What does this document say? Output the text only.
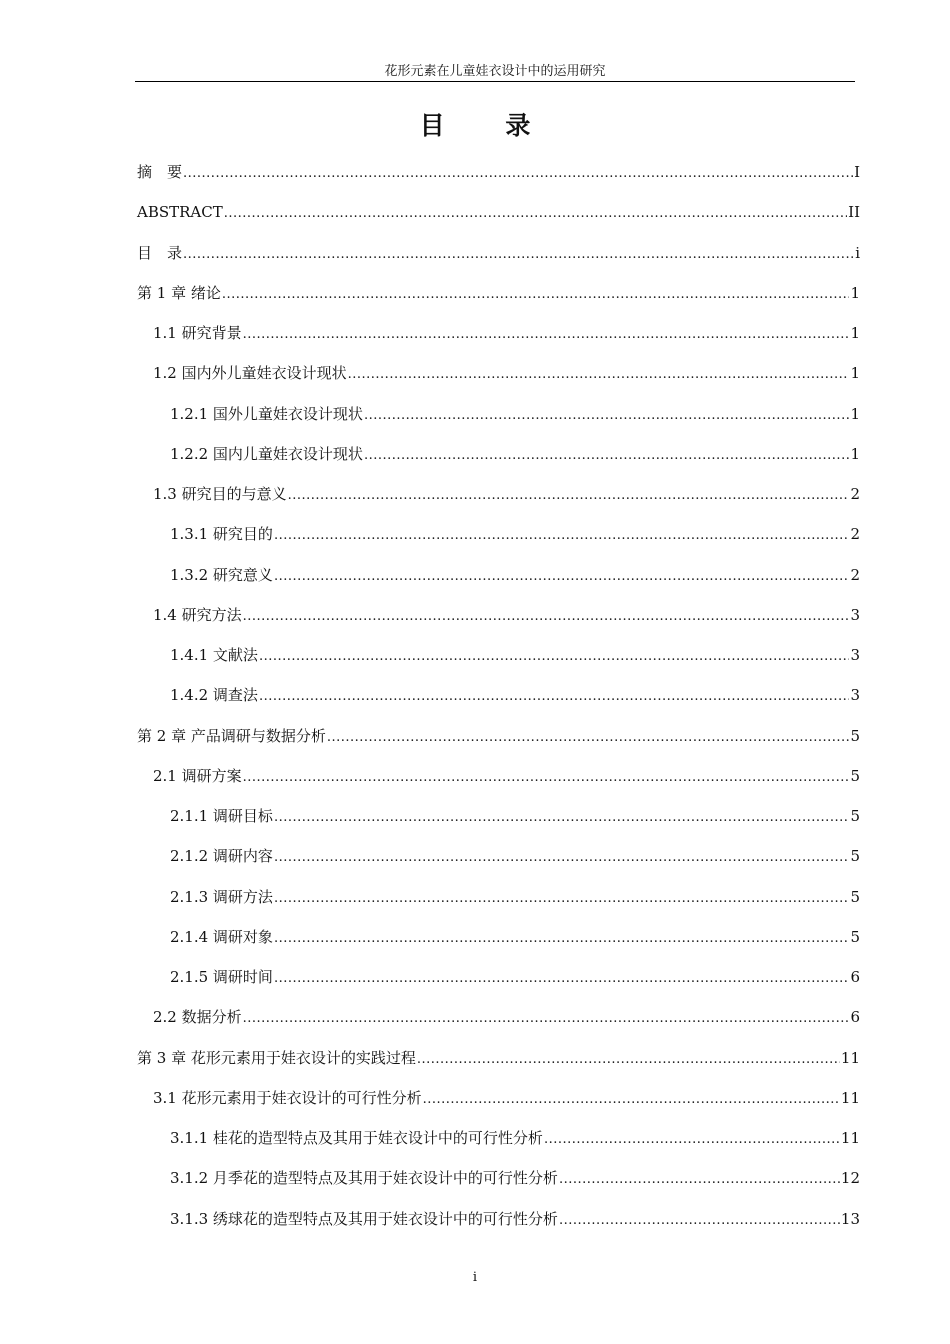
花形元素在儿童娃衣设计中的运用研究
目 录
摘　要 .....	I
ABSTRACT .....	II
目　录 .....	i
第 1 章 绪论 .....	1
1.1 研究背景 .....	1
1.2 国内外儿童娃衣设计现状 .....	1
1.2.1 国外儿童娃衣设计现状 .....	1
1.2.2 国内儿童娃衣设计现状 .....	1
1.3 研究目的与意义 .....	2
1.3.1 研究目的 .....	2
1.3.2 研究意义 .....	2
1.4 研究方法 .....	3
1.4.1 文献法 .....	3
1.4.2 调查法 .....	3
第 2 章 产品调研与数据分析 .....	5
2.1 调研方案 .....	5
2.1.1 调研目标 .....	5
2.1.2 调研内容 .....	5
2.1.3 调研方法 .....	5
2.1.4 调研对象 .....	5
2.1.5 调研时间 .....	6
2.2 数据分析 .....	6
第 3 章 花形元素用于娃衣设计的实践过程 .....	11
3.1 花形元素用于娃衣设计的可行性分析 .....	11
3.1.1 桂花的造型特点及其用于娃衣设计中的可行性分析 .....	11
3.1.2 月季花的造型特点及其用于娃衣设计中的可行性分析 .....	12
3.1.3 绣球花的造型特点及其用于娃衣设计中的可行性分析 .....	13
i
